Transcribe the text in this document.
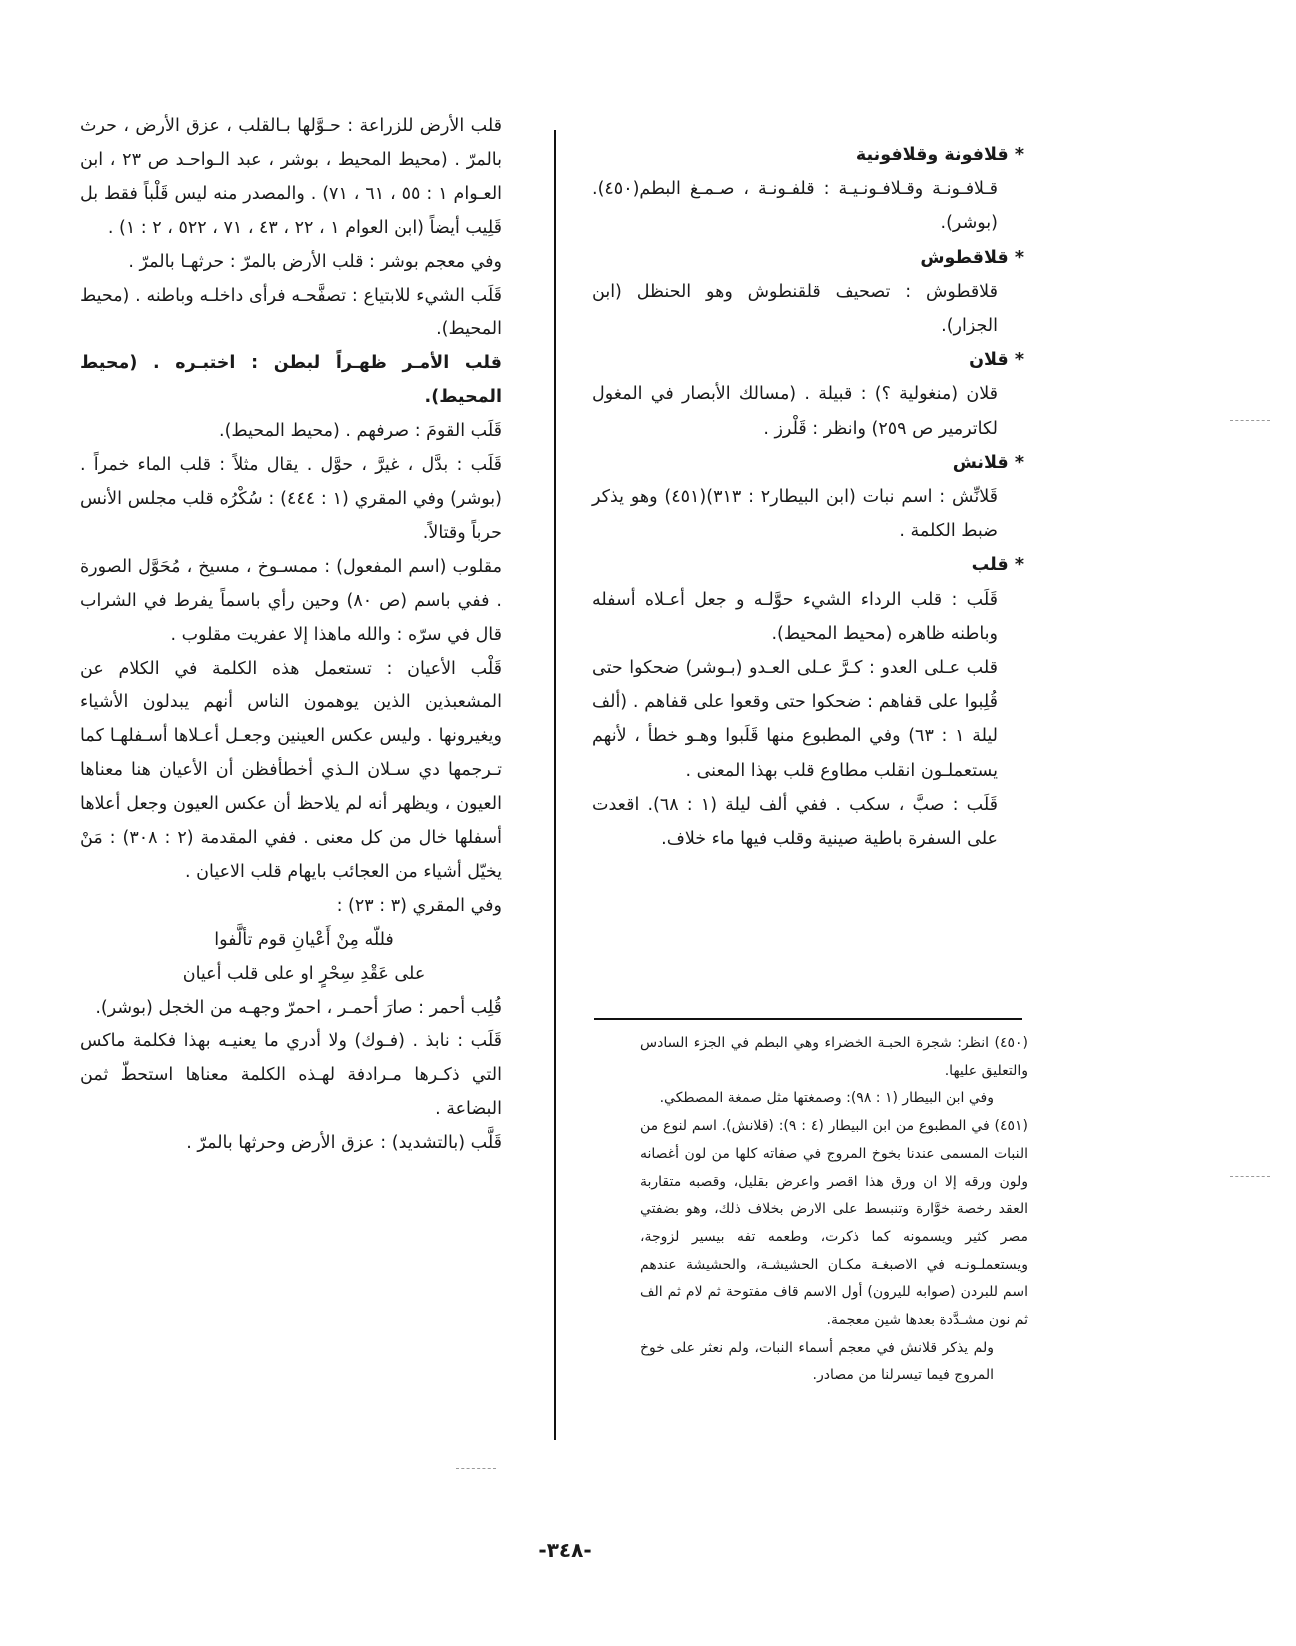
* قلافونة وقلافونية

قـلافـونـة وقـلافـونـيـة : قلفـونـة ، صـمـغ البطم(٤٥٠).(بوشر).

* قلاقطوش

قلاقطوش : تصحيف قلقنطوش وهو الحنظل (ابن الجزار).

* قلان

قلان (منغولية ؟) : قبيلة . (مسالك الأبصار في المغول لكاترمير ص ٢٥٩) وانظر : قَلْرز .

* قلانش

قَلانِّش : اسم نبات (ابن البيطار٢ : ٣١٣)(٤٥١) وهو يذكر ضبط الكلمة .

* قلب

قَلَب : قلب الرداء الشيء حوَّلـه و جعل أعـلاه أسفله وباطنه ظاهره (محيط المحيط).

قلب عـلى العدو : كـرَّ عـلى العـدو (بـوشر) ضحكوا حتى قُلِبوا على قفاهم : ضحكوا حتى وقعوا على قفاهم . (ألف ليلة ١ : ٦٣) وفي المطبوع منها قَلَبوا وهـو خطأ ، لأنهم يستعملـون انقلب مطاوع قلب بهذا المعنى .

قَلَب : صبَّ ، سكب . ففي ألف ليلة (١ : ٦٨). اقعدت على السفرة باطية صينية وقلب فيها ماء خلاف.

(٤٥٠) انظر: شجرة الحبـة الخضراء وهي البطم في الجزء السادس والتعليق عليها.

وفي ابن البيطار (١ : ٩٨): وصمغتها مثل صمغة المصطكي.

(٤٥١) في المطبوع من ابن البيطار (٤ : ٩): (قلانش). اسم لنوع من النبات المسمى عندنا بخوخ المروج في صفاته كلها من لون أغصانه ولون ورقه إلا ان ورق هذا اقصر واعرض بقليل، وقصبه متقاربة العقد رخصة خوَّارة وتنبسط على الارض بخلاف ذلك، وهو بضفتي مصر كثير ويسمونه كما ذكرت، وطعمه تفه بيسير لزوجة، ويستعملـونـه في الاصبغـة مكـان الحشيشـة، والحشيشة عندهم اسم للبردن (صوابه لليرون) أول الاسم قاف مفتوحة ثم لام ثم الف ثم نون مشـدَّدة بعدها شين معجمة.

ولم يذكر قلانش في معجم أسماء النبات، ولم نعثر على خوخ المروج فيما تيسرلنا من مصادر.

قلب الأرض للزراعة : حـوَّلها بـالقلب ، عزق الأرض ، حرث بالمرّ . (محيط المحيط ، بوشر ، عبد الـواحـد ص ٢٣ ، ابن العـوام ١ : ٥٥ ، ٦١ ، ٧١) . والمصدر منه ليس قَلْباً فقط بل قَلِيب أيضاً (ابن العوام ١ ، ٢٢ ، ٤٣ ، ٧١ ، ٥٢٢ ، ٢ : ١) .

وفي معجم بوشر : قلب الأرض بالمرّ : حرثهـا بالمرّ .

قَلَب الشيء للابتياع : تصفَّحـه فرأى داخلـه وباطنه . (محيط المحيط).

قلب الأمـر ظهـراً لبطن : اختبـره . (محيط المحيط).

قَلَب القومَ : صرفهم . (محيط المحيط).

قَلَب : بدَّل ، غيرَّ ، حوَّل . يقال مثلاً : قلب الماء خمراً . (بوشر) وفي المقري (١ : ٤٤٤) : سُكْرُه قلب مجلس الأنس حرباً وقتالاً.

مقلوب (اسم المفعول) : ممسـوخ ، مسيخ ، مُحَوَّل الصورة . ففي باسم (ص ٨٠) وحين رأي باسماً يفرط في الشراب قال في سرّه : والله ماهذا إلا عفريت مقلوب .

قَلْب الأعيان : تستعمل هذه الكلمة في الكلام عن المشعبذين الذين يوهمون الناس أنهم يبدلون الأشياء ويغيرونها . وليس عكس العينين وجعـل أعـلاها أسـفلهـا كما تـرجمها دي سـلان الـذي أخطأفظن أن الأعيان هنا معناها العيون ، ويظهر أنه لم يلاحظ أن عكس العيون وجعل أعلاها أسفلها خال من كل معنى . ففي المقدمة (٢ : ٣٠٨) : مَنْ يخيّل أشياء من العجائب بايهام قلب الاعيان .

وفي المقري (٣ : ٢٣) :

فللّه مِنْ أَعْيانِ قوم تألَّفوا

على عَقْدِ سِحْرٍ او على قلب أعيان

قُلِب أحمر : صارَ أحمـر ، احمرّ وجهـه من الخجل (بوشر).

قَلَب : نابذ . (فـوك) ولا أدري ما يعنيـه بهذا فكلمة ماكس التي ذكـرها مـرادفة لهـذه الكلمة معناها استحطّ ثمن البضاعة .

قَلَّب (بالتشديد) : عزق الأرض وحرثها بالمرّ .

-٣٤٨-
